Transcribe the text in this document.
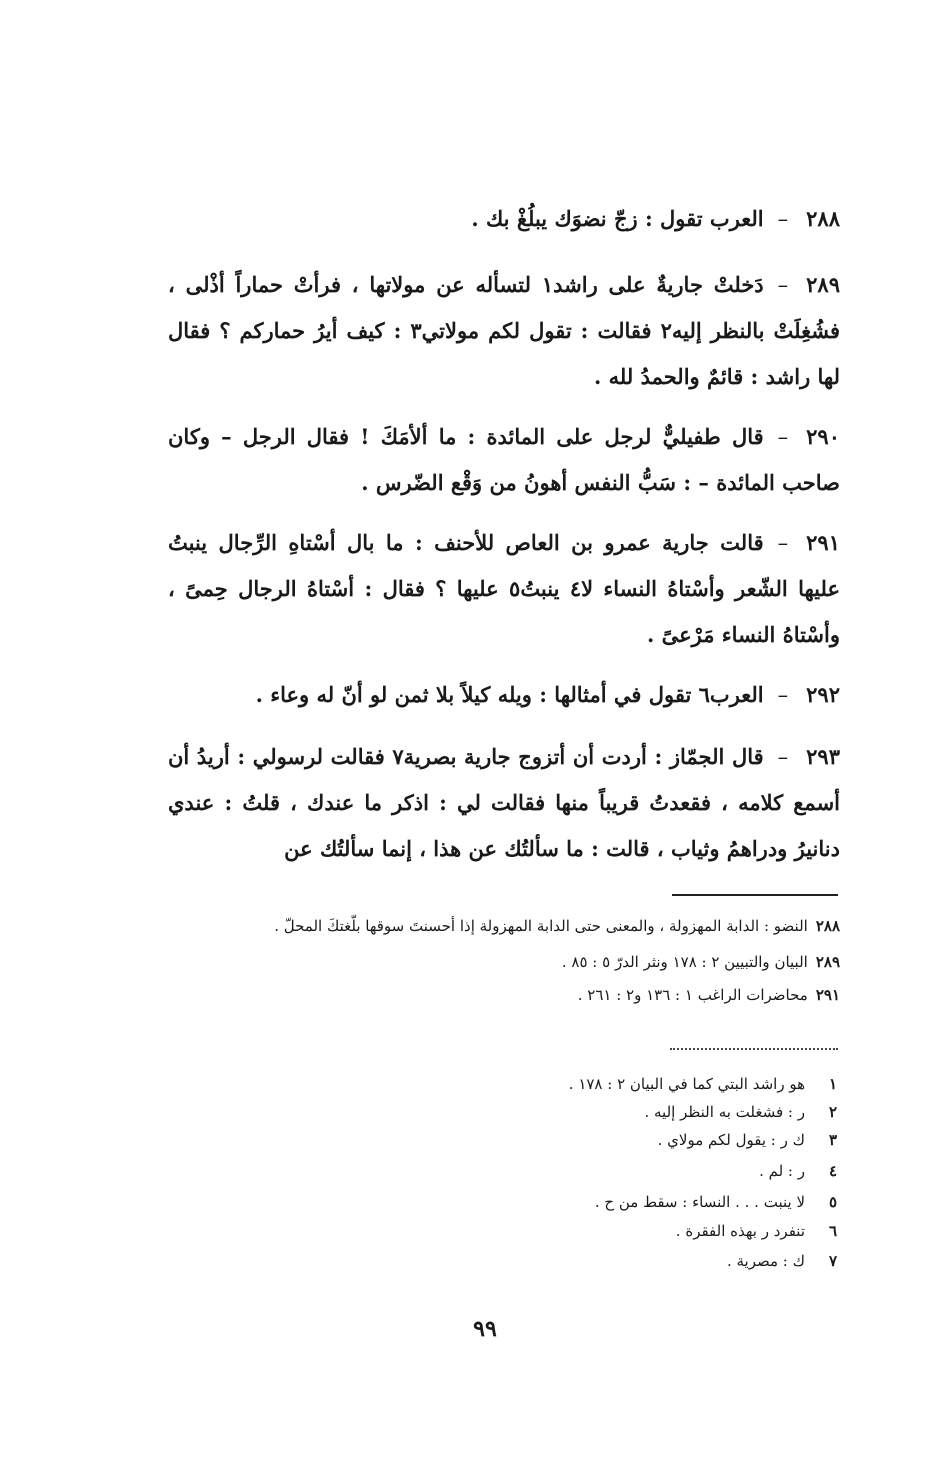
٢٨٨–العرب تقول : زجّ نضوَك يبلُغْ بك .

٢٨٩–دَخلتْ جاريةٌ على راشد١ لتسأله عن مولاتها ، فرأتْ حماراً أذْلى ، فشُغِلَتْ بالنظر إليه٢ فقالت : تقول لكم مولاتي٣ : كيف أيرُ حماركم ؟ فقال لها راشد : قائمٌ والحمدُ لله .

٢٩٠–قال طفيليٌّ لرجل على المائدة : ما ألأمَكَ ! فقال الرجل – وكان صاحب المائدة – : سَبُّ النفس أهونُ من وَقْع الضّرس .

٢٩١–قالت جارية عمرو بن العاص للأحنف : ما بال أسْتاهِ الرِّجال ينبتُ عليها الشّعر وأسْتاهُ النساء لا٤ ينبتُ٥ عليها ؟ فقال : أسْتاهُ الرجال حِمىً ، وأسْتاهُ النساء مَرْعىً .

٢٩٢–العرب٦ تقول في أمثالها : ويله كيلاً بلا ثمن لو أنّ له وعاء .

٢٩٣–قال الجمّاز : أردت أن أتزوج جارية بصرية٧ فقالت لرسولي : أريدُ أن أسمع كلامه ، فقعدتُ قريباً منها فقالت لي : اذكر ما عندك ، قلتُ : عندي دنانيرُ ودراهمُ وثياب ، قالت : ما سألتُك عن هذا ، إنما سألتُك عن

٢٨٨النضو : الدابة المهزولة ، والمعنى حتى الدابة المهزولة إذا أحسنتَ سوقها بلّغتكَ المحلّ .
٢٨٩البيان والتبيين ٢ : ١٧٨ ونثر الدرّ ٥ : ٨٥ .
٢٩١محاضرات الراغب ١ : ١٣٦ و٢ : ٢٦١ .
١هو راشد البتي كما في البيان ٢ : ١٧٨ .
٢ر : فشغلت به النظر إليه .
٣ك ر : يقول لكم مولاي .
٤ر : لم .
٥لا ينبت . . . النساء : سقط من ح .
٦تنفرد ر بهذه الفقرة .
٧ك : مصرية .
٩٩
